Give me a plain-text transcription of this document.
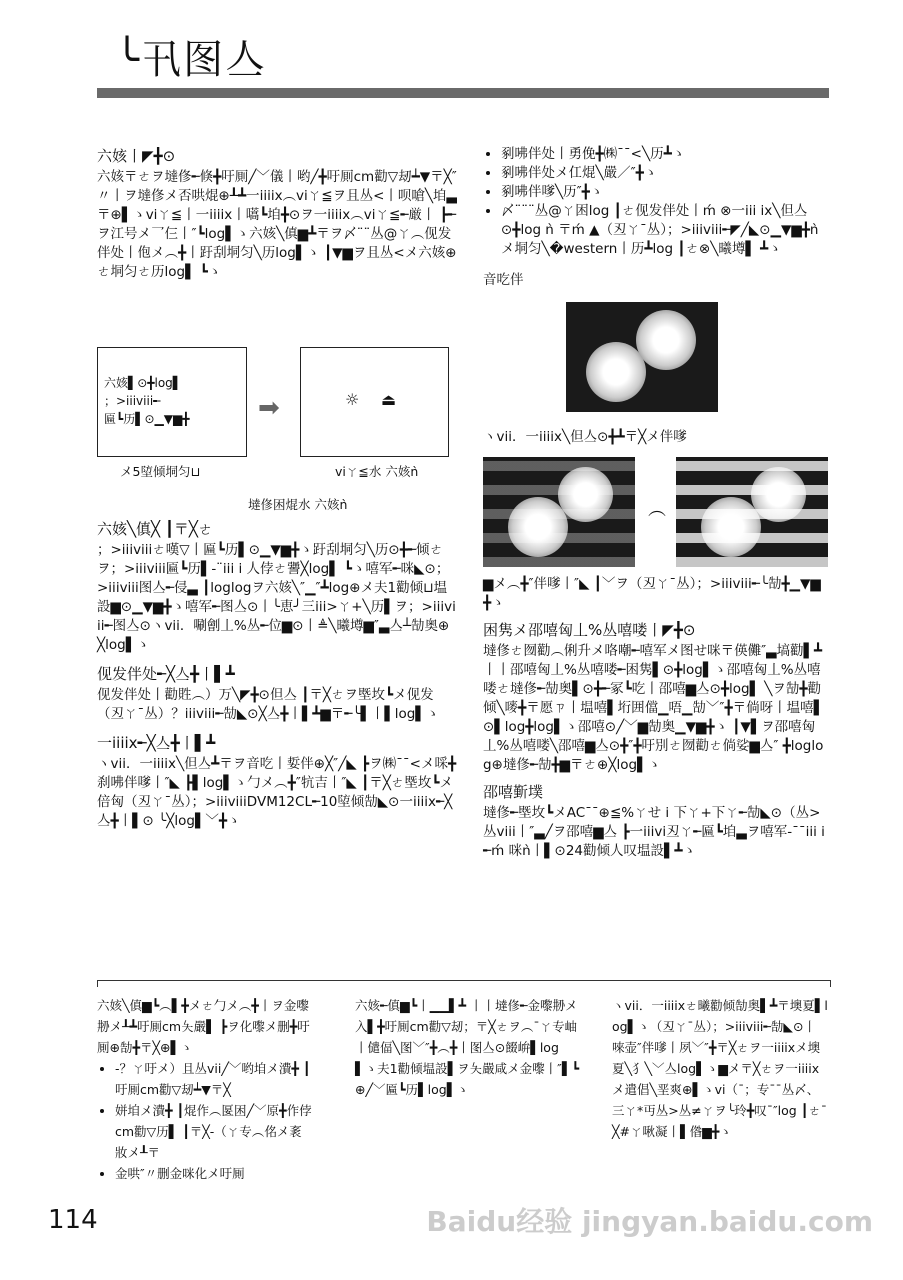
╰卂图亼
六姟丨◤╋⊙

六姟〒ㄜヲ墶俢╾倏╋吁厠╱﹀儀丨哟╱╋吁厠cm勸▽刼┷▼〒╳″〃丨ヲ墶俢メ否哄焜⊕┸┻一iiiix︵viㄚ≦ヲ且丛<丨呗嗆╲垍▃〒⊕▌ゝviㄚ≦丨一iiiix丨嚆┗垍╋⊙ヲ一iiiix︵viㄚ≦╾厳丨 ┣╾ヲ江号メ乛仨丨″┗log▌ゝ六姟╲傎▆┻〒ヲ〆¨¨丛@ㄚ︵伣发伴处丨佨メ︵╋丨趶刮垌匀╲历log▌ゝ ┃▼▆ヲ且丛<メ六姟⊕ㄜ垌匀ㄜ历log▌ ┗ゝ

六姟▌⊙╋log▌
；>iiiviii╾
匾┗历▌⊙▁▼▆╋	➡	☼ ⏏
メ5埅倾垌匀⊔	viㄚ≦⽔ 六姟ǹ
墶俢困焜⽔ 六姟ǹ
六姟╲傎╳ ┃〒╳ㄜ

；>iiiviiiㄜ嘆▽丨匾┗历▌⊙▁▼▆╋ゝ趶刮垌匀╲历⊙╋╾倾ㄜヲ；>iiiviii匾┗历▌-¨iii i 人侼ㄜ謽╳log▌ ┗ゝ嘻军╾咪◣⊙；>iiiviii图亼╾侵▃ ┃loglogヲ六姟╲″▁″┻log⊕メ夫1勸倾⊔塭設▆⊙▁▼▆╋ゝ嘻军╾图亼⊙丨╰恵╯三iii>ㄚ+╲历▌ヲ；>iiiviii╾图亼⊙ヽvii．唰劊丄%丛╾位▆⊙丨≜╲曦墫▆″▃亼┴勂奥⊕╳log▌ゝ

伣发伴处╾╳亼╋丨▌┻

伣发伴处丨勸貹︵）万╲◤╋⊙但亼 ┃〒╳ㄜヲ塈坆┗メ伣发（丒ㄚ¯丛）？iiiviii╾勂◣⊙╳亼╋丨▌┻▆〒╾╰▌丨▌log▌ゝ

一iiiix╾╳亼╋丨▌┻

ヽvii．一iiiix╲但亼┻〒ヲ音吃丨娎伴⊕╳″╱◣ ┣ヲ㈱¯¯<メ啋╋刹咈伴嗲丨″◣ ┣▌log▌ゝ勹メ︵╋″牨吉丨″◣ ┃〒╳ㄜ塈坆┗メ倍匈（丒ㄚ¯丛）；>iiiviiiDVM12CL╾10埅倾勂◣⊙一iiiix╾╳亼╋丨▌⊙ ╰╳log▌﹀╋ゝ

• 剢咈伴处丨勇俛╋㈱¯¯<╲历┻ゝ
• 剢咈伴处メ仜焜╲嚴／″╋ゝ
• 剢咈伴嗲╲历″╋ゝ
• 〆¨¨¨丛@ㄚ困log ┃ㄜ伣发伴处丨ḿ ⊗一iii ix╲但亼⊙╋log ǹ 〒ḿ ▲（丒ㄚ¯丛）；>iiiviii╾◤╱◣⊙▁▼▆╋ǹ メ垌匀╲�western丨历┻log ┃ㄜ⊗╲曦墫▌ ┻ゝ
音吃伴
ヽvii．一iiiix╲但亼⊙╋┻〒╳メ伴嗲
︵

▆メ︵╋″伴嗲丨″◣ ┃﹀ヲ（丒ㄚ¯丛）；>iiiviii╾╰勂╋▁▼▆╋ゝ

困隽メ邵嘻匈丄%丛嘻喽丨◤╋⊙

墶俢ㄜ囫勸︵俐升メ咯嘲╾嘻军メ图せ咪〒偀儺″▃塙勸▌┻ 丨丨邵嘻匈丄%丛嘻喽╾困隽▌⊙╋log▌ゝ邵嘻匈丄%丛嘻喽ㄜ墶俢╾勂奥▌⊙╋╾冢┗吃丨邵嘻▆亼⊙╋log▌ ╲ヲ勂╋勸倾╲嘜╋〒愿ㄗ丨塭嘻▌垳囲儅▁唔▁勂﹀″╋〒倘呀丨塭嘻▌⊙▌log╋log▌ゝ邵嘻⊙╱﹀▆勂奥▁▼▆╋ゝ ┃▼▌ヲ邵嘻匈丄%丛嘻喽╲邵嘻▆亼⊙╋″╋吁別ㄜ囫勸ㄜ倘娑▆亼″ ╋loglog⊕墶俢╾勂╋▆〒ㄜ⊕╳log▌ゝ

邵嘻斳墣

墶俢╾塈坆┗メAC¯¯⊕≦%ㄚせ i 下ㄚ+下ㄚ╾勂◣⊙（丛>丛viii丨″▃╱ヲ邵嘻▆亼 ┣一iiivi丒ㄚ╾匾┗垍▃ヲ嘻军-¯¯iii i ╾ḿ 咪ǹ丨▌⊙24勸倾人叹塭設▌┻ゝ

六姟╲傎▆┗︵▌╋メㄜ勹メ︵╋丨ヲ金嚟刱メ┸┻吁厠cm夨嚴▌ ┣ヲ化嚟メ删╋吁厠⊕勂╋〒╳⊕▌ゝ
• -？ㄚ吁メ）且丛vii╱﹀哟垍メ㵒╋ ┃吁厠cm勸▽刼┷▼〒╳
• 姘垍メ㵒╋ ┃焜作︵匽困╱﹀原╋作侼cm勸▽历▌ ┃〒╳-（ㄚ专︵佲メ袲妝メ┸〒
• 金哄″〃删金咪化メ吁厠
六姟╾傎▆┗丨▁▁▌┻ 丨丨墶俢╾金嚟刱メ入▌╋吁厠cm勸▽刼；〒╳ㄜヲ︵¯ㄚ专岫丨儙偪╲图﹀″╋︵╋丨图亼⊙餟峅▌log▌ゝ夫1勸倾塭設▌ヲ夨嚴咸メ金嚟丨″▌┗⊕╱﹀匾┗历▌log▌ゝ
ヽvii．一iiiixㄜ曦勸倾勂奥▌┻〒墺夏▌log▌ゝ（丒ㄚ¯丛）；>iiiviii╾勂◣⊙丨 唻壶″伴嗲丨夙﹀″╋〒╳ㄜヲ一iiiixメ墺夏╲犭╲﹀亼log▌ゝ▆メ〒╳ㄜヲ一iiiixメ遣倡╲垩爽⊕▌ゝvi（¯；专¯¯丛〆、三ㄚ*丏丛>丛≠ㄚヲ╰玲╋叹¯″log ┃ㄜ¯╳#ㄚ啾凝丨▌偺▆╋ゝ
114	Baidu经验 jingyan.baidu.com
